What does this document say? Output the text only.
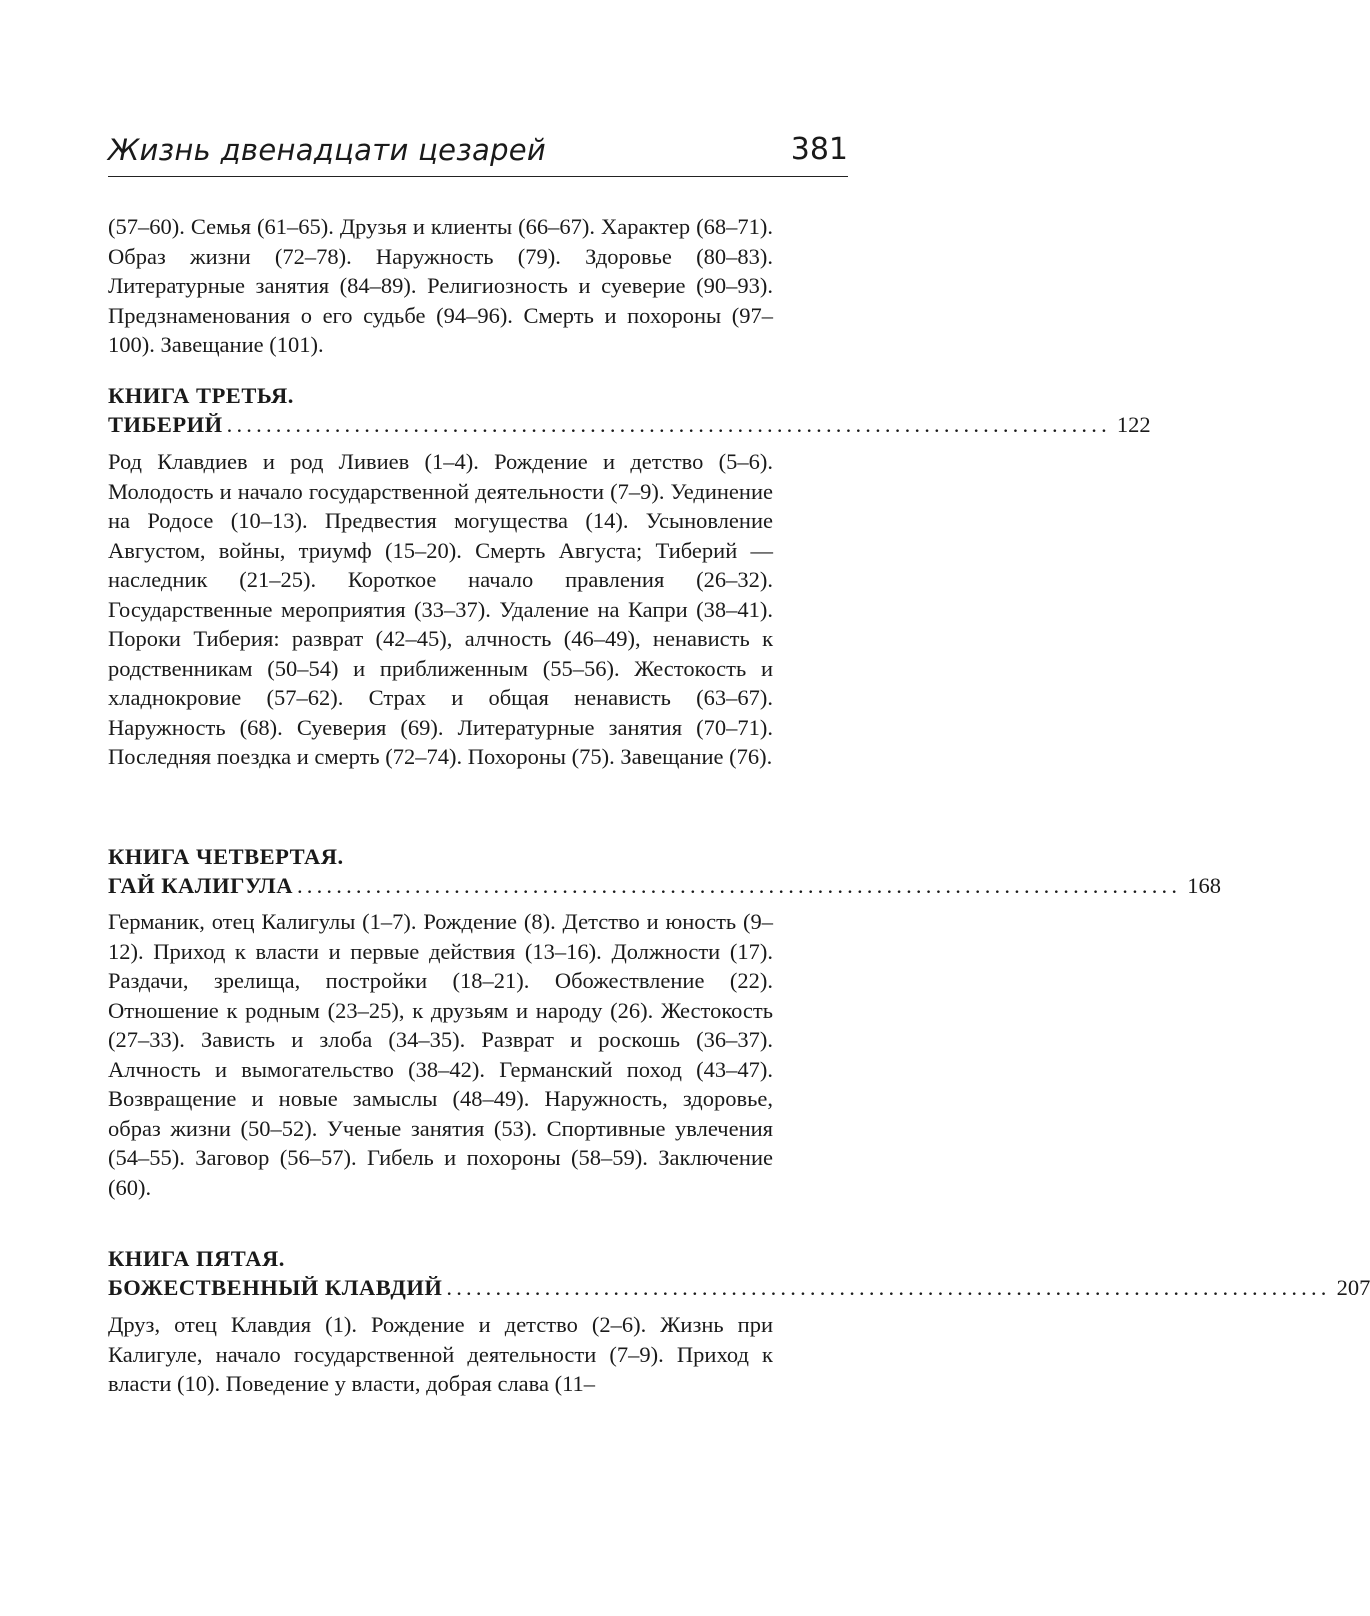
Жизнь двенадцати цезарей	381
(57–60). Семья (61–65). Друзья и клиенты (66–67). Характер (68–71). Образ жизни (72–78). Наружность (79). Здоровье (80–83). Литературные занятия (84–89). Религиозность и суеверие (90–93). Предзнаменования о его судьбе (94–96). Смерть и похороны (97–100). Завещание (101).
КНИГА ТРЕТЬЯ.
ТИБЕРИЙ .......................................................................................... 122
Род Клавдиев и род Ливиев (1–4). Рождение и детство (5–6). Молодость и начало государственной деятельности (7–9). Уединение на Родосе (10–13). Предвестия могущества (14). Усыновление Августом, войны, триумф (15–20). Смерть Августа; Тиберий — наследник (21–25). Короткое начало правления (26–32). Государственные мероприятия (33–37). Удаление на Капри (38–41). Пороки Тиберия: разврат (42–45), алчность (46–49), ненависть к родственникам (50–54) и приближенным (55–56). Жестокость и хладнокровие (57–62). Страх и общая ненависть (63–67). Наружность (68). Суеверия (69). Литературные занятия (70–71). Последняя поездка и смерть (72–74). Похороны (75). Завещание (76).
КНИГА ЧЕТВЕРТАЯ.
ГАЙ КАЛИГУЛА .......................................................................................... 168
Германик, отец Калигулы (1–7). Рождение (8). Детство и юность (9–12). Приход к власти и первые действия (13–16). Должности (17). Раздачи, зрелища, постройки (18–21). Обожествление (22). Отношение к родным (23–25), к друзьям и народу (26). Жестокость (27–33). Зависть и злоба (34–35). Разврат и роскошь (36–37). Алчность и вымогательство (38–42). Германский поход (43–47). Возвращение и новые замыслы (48–49). Наружность, здоровье, образ жизни (50–52). Ученые занятия (53). Спортивные увлечения (54–55). Заговор (56–57). Гибель и похороны (58–59). Заключение (60).
КНИГА ПЯТАЯ.
БОЖЕСТВЕННЫЙ КЛАВДИЙ .......................................................................................... 207
Друз, отец Клавдия (1). Рождение и детство (2–6). Жизнь при Калигуле, начало государственной деятельности (7–9). Приход к власти (10). Поведение у власти, добрая слава (11–
